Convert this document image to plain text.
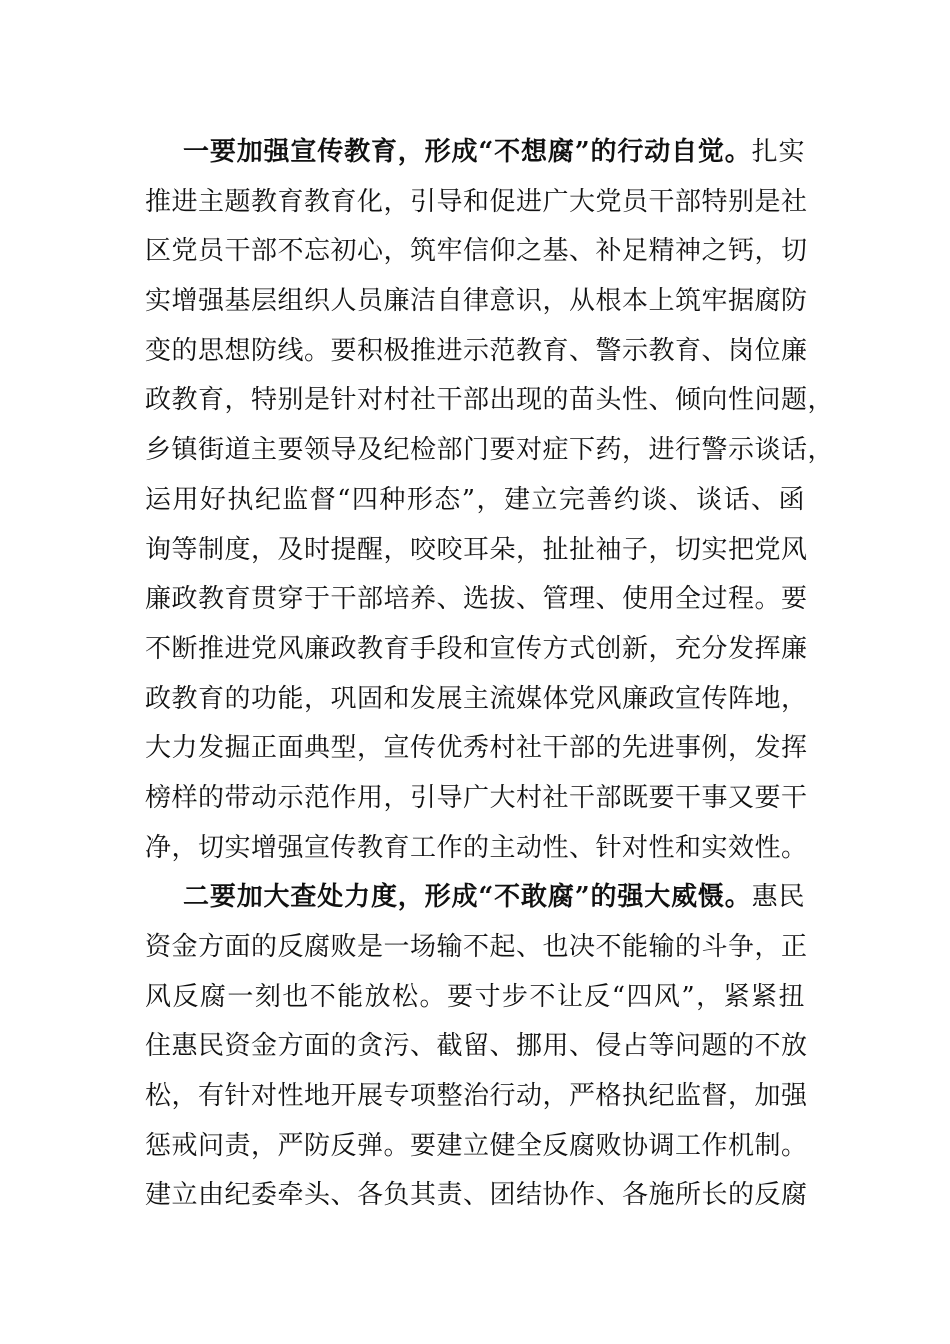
一要加强宣传教育，形成“不想腐”的行动自觉。扎实
推进主题教育教育化，引导和促进广大党员干部特别是社
区党员干部不忘初心，筑牢信仰之基、补足精神之钙，切
实增强基层组织人员廉洁自律意识，从根本上筑牢据腐防
变的思想防线。要积极推进示范教育、警示教育、岗位廉
政教育，特别是针对村社干部出现的苗头性、倾向性问题，
乡镇街道主要领导及纪检部门要对症下药，进行警示谈话，
运用好执纪监督“四种形态”，建立完善约谈、谈话、函
询等制度，及时提醒，咬咬耳朵，扯扯袖子，切实把党风
廉政教育贯穿于干部培养、选拔、管理、使用全过程。要
不断推进党风廉政教育手段和宣传方式创新，充分发挥廉
政教育的功能，巩固和发展主流媒体党风廉政宣传阵地，
大力发掘正面典型，宣传优秀村社干部的先进事例，发挥
榜样的带动示范作用，引导广大村社干部既要干事又要干
净，切实增强宣传教育工作的主动性、针对性和实效性。
二要加大查处力度，形成“不敢腐”的强大威慑。惠民
资金方面的反腐败是一场输不起、也决不能输的斗争，正
风反腐一刻也不能放松。要寸步不让反“四风”，紧紧扭
住惠民资金方面的贪污、截留、挪用、侵占等问题的不放
松，有针对性地开展专项整治行动，严格执纪监督，加强
惩戒问责，严防反弹。要建立健全反腐败协调工作机制。
建立由纪委牵头、各负其责、团结协作、各施所长的反腐
